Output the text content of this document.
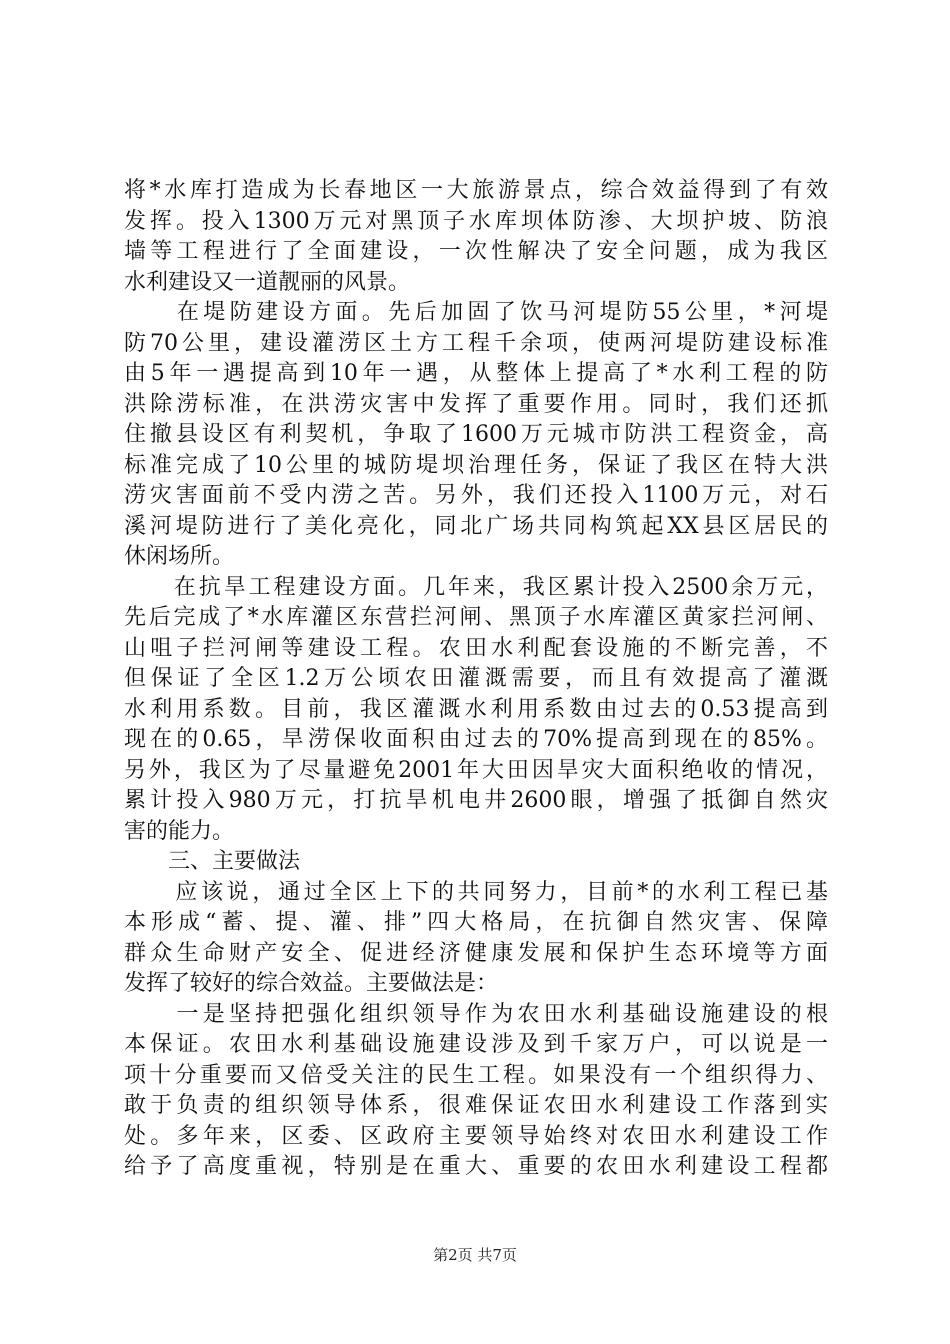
将*水库打造成为长春地区一大旅游景点，综合效益得到了有效
发挥。投入1300万元对黑顶子水库坝体防渗、大坝护坡、防浪
墙等工程进行了全面建设，一次性解决了安全问题，成为我区
水利建设又一道靓丽的风景。
　　在堤防建设方面。先后加固了饮马河堤防55公里，*河堤
防70公里，建设灌涝区土方工程千余项，使两河堤防建设标准
由5年一遇提高到10年一遇，从整体上提高了*水利工程的防
洪除涝标准，在洪涝灾害中发挥了重要作用。同时，我们还抓
住撤县设区有利契机，争取了1600万元城市防洪工程资金，高
标准完成了10公里的城防堤坝治理任务，保证了我区在特大洪
涝灾害面前不受内涝之苦。另外，我们还投入1100万元，对石
溪河堤防进行了美化亮化，同北广场共同构筑起XX县区居民的
休闲场所。
　　在抗旱工程建设方面。几年来，我区累计投入2500余万元，
先后完成了*水库灌区东营拦河闸、黑顶子水库灌区黄家拦河闸、
山咀子拦河闸等建设工程。农田水利配套设施的不断完善，不
但保证了全区1.2万公顷农田灌溉需要，而且有效提高了灌溉
水利用系数。目前，我区灌溉水利用系数由过去的0.53提高到
现在的0.65，旱涝保收面积由过去的70%提高到现在的85%。
另外，我区为了尽量避免2001年大田因旱灾大面积绝收的情况，
累计投入980万元，打抗旱机电井2600眼，增强了抵御自然灾
害的能力。
　　三、主要做法
　　应该说，通过全区上下的共同努力，目前*的水利工程已基
本形成“蓄、提、灌、排”四大格局，在抗御自然灾害、保障
群众生命财产安全、促进经济健康发展和保护生态环境等方面
发挥了较好的综合效益。主要做法是：
　　一是坚持把强化组织领导作为农田水利基础设施建设的根
本保证。农田水利基础设施建设涉及到千家万户，可以说是一
项十分重要而又倍受关注的民生工程。如果没有一个组织得力、
敢于负责的组织领导体系，很难保证农田水利建设工作落到实
处。多年来，区委、区政府主要领导始终对农田水利建设工作
给予了高度重视，特别是在重大、重要的农田水利建设工程都
第2页 共7页
